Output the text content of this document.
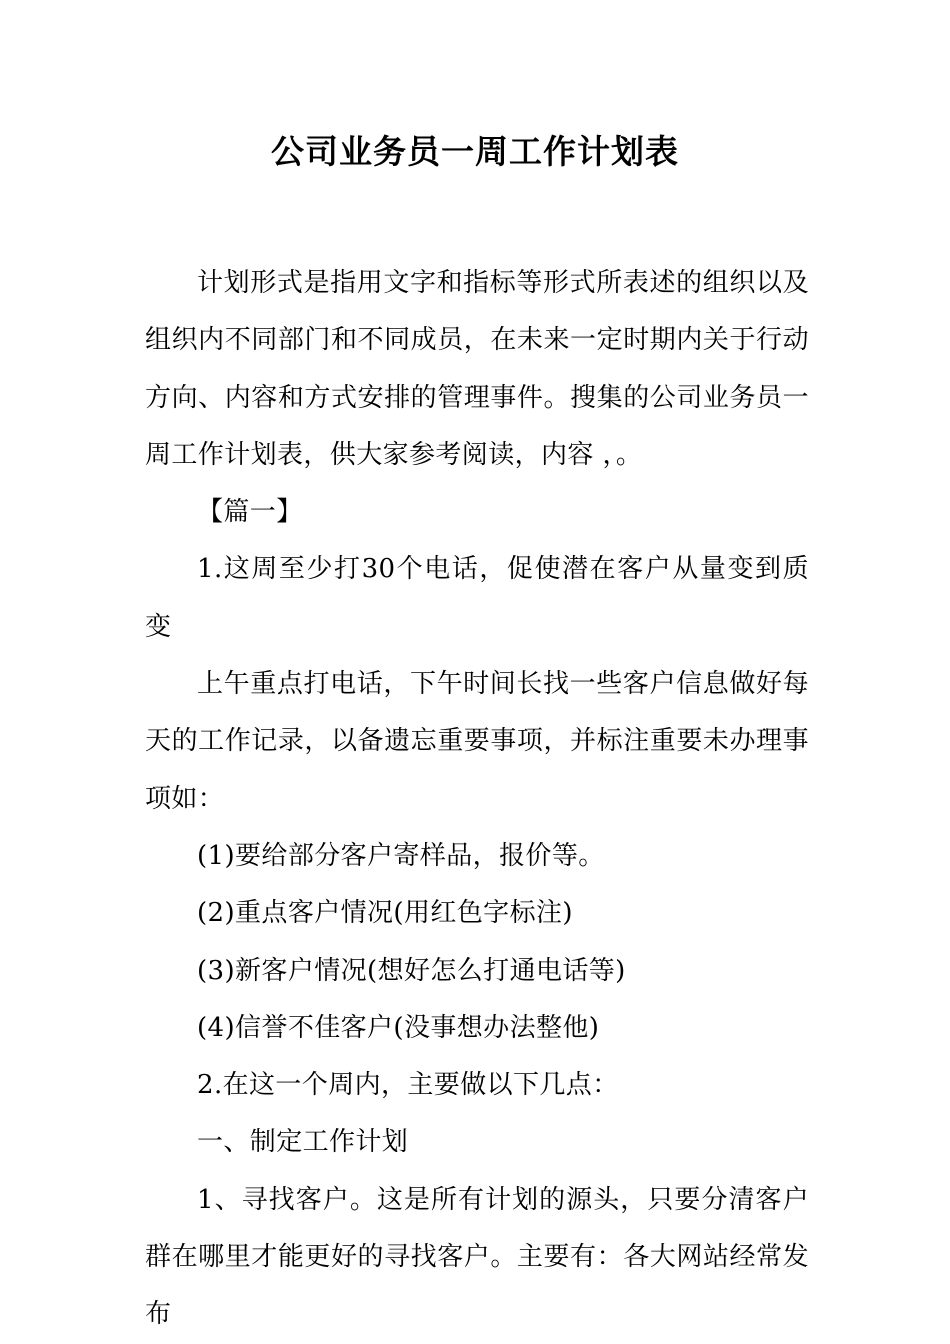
公司业务员一周工作计划表

计划形式是指用文字和指标等形式所表述的组织以及组织内不同部门和不同成员，在未来一定时期内关于行动方向、内容和方式安排的管理事件。搜集的公司业务员一周工作计划表，供大家参考阅读，内容 ，。

【篇一】

1.这周至少打30个电话，促使潜在客户从量变到质变

上午重点打电话，下午时间长找一些客户信息做好每天的工作记录，以备遗忘重要事项，并标注重要未办理事项如：

(1)要给部分客户寄样品，报价等。

(2)重点客户情况(用红色字标注)

(3)新客户情况(想好怎么打通电话等)

(4)信誉不佳客户(没事想办法整他)

2.在这一个周内，主要做以下几点：

一、制定工作计划

1、寻找客户。这是所有计划的源头，只要分清客户群在哪里才能更好的寻找客户。主要有：各大网站经常发布
